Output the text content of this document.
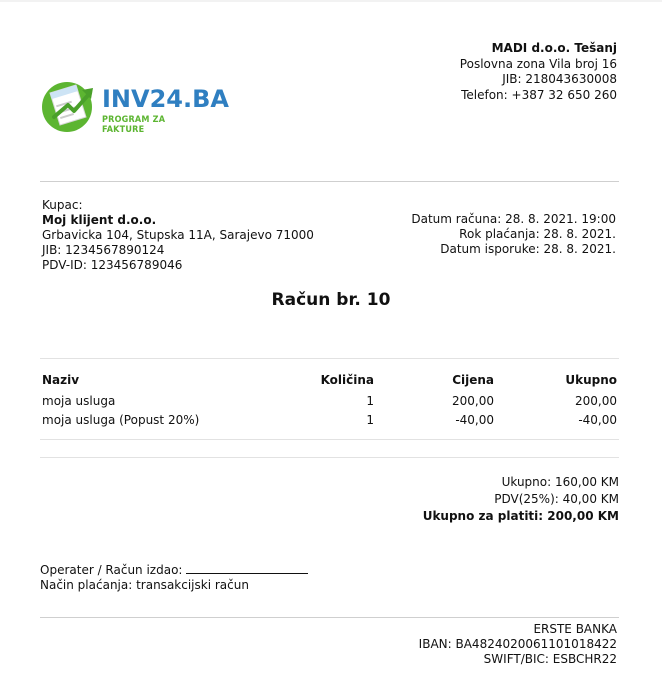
MADI d.o.o. Tešanj
Poslovna zona Vila broj 16
JIB: 218043630008
Telefon: +387 32 650 260
INV24.BA
PROGRAM ZA FAKTURE
Kupac:
Moj klijent d.o.o.
Grbavicka 104, Stupska 11A, Sarajevo 71000
JIB: 1234567890124
PDV-ID: 123456789046
Datum računa: 28. 8. 2021. 19:00
Rok plaćanja: 28. 8. 2021.
Datum isporuke: 28. 8. 2021.
Račun br. 10
Naziv	Količina	Cijena	Ukupno
moja usluga	1	200,00	200,00
moja usluga (Popust 20%)	1	-40,00	-40,00
Ukupno: 160,00 KM
PDV(25%): 40,00 KM
Ukupno za platiti: 200,00 KM
Operater / Račun izdao:
Način plaćanja: transakcijski račun
ERSTE BANKA
IBAN: BA4824020061101018422
SWIFT/BIC: ESBCHR22
